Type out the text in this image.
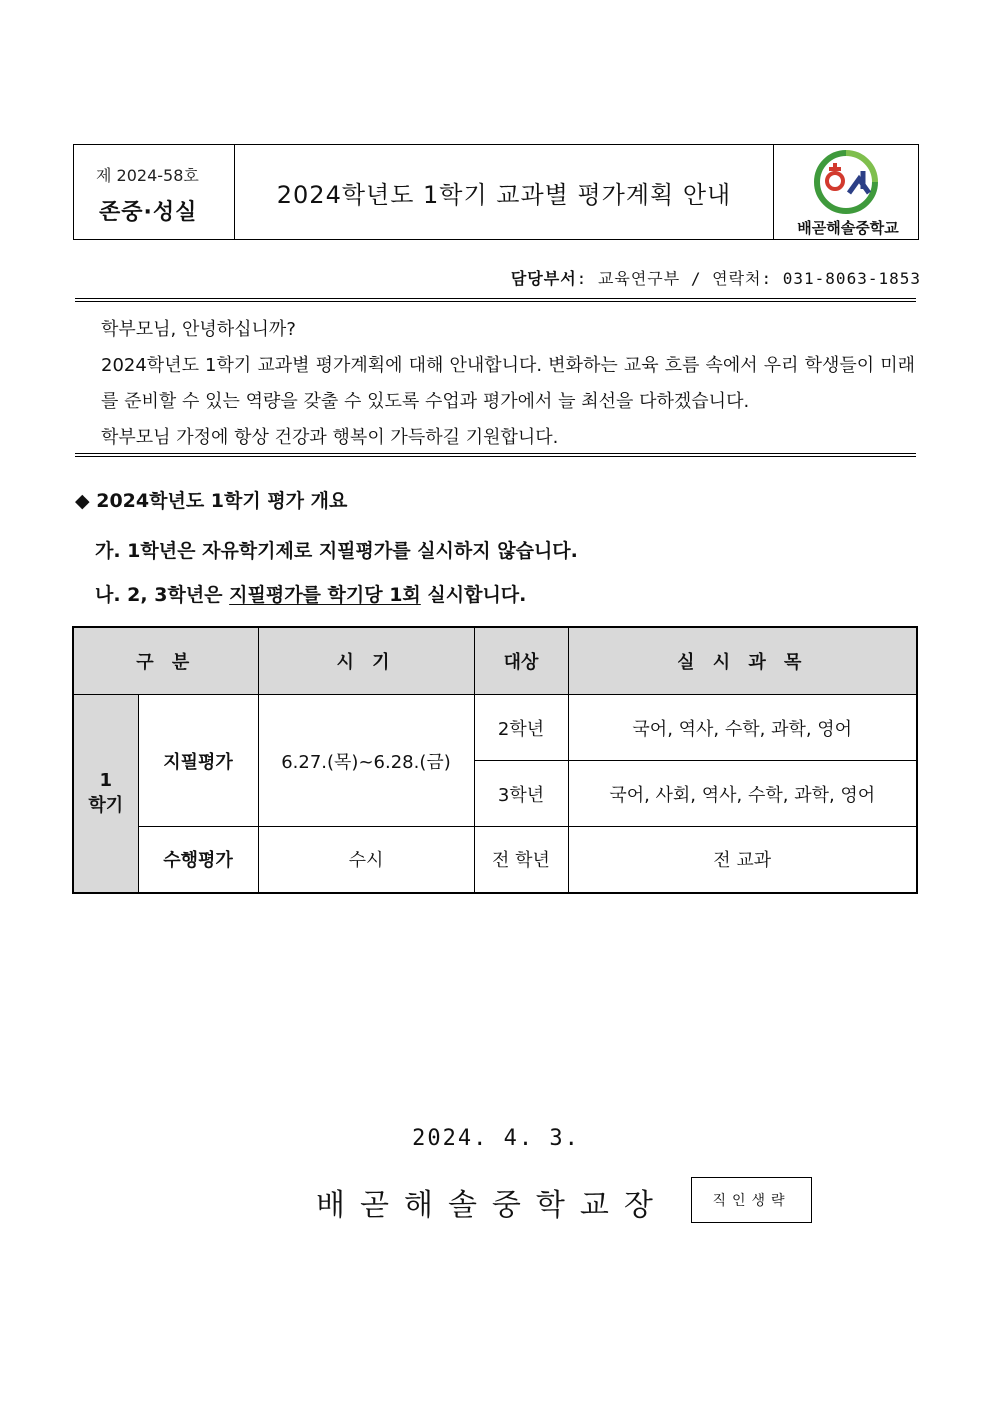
제 2024-58호
존중·성실
2024학년도 1학기 교과별 평가계획 안내
배곧해솔중학교
담당부서: 교육연구부 / 연락처: 031-8063-1853

학부모님, 안녕하십니까?

2024학년도 1학기 교과별 평가계획에 대해 안내합니다. 변화하는 교육 흐름 속에서 우리 학생들이 미래를 준비할 수 있는 역량을 갖출 수 있도록 수업과 평가에서 늘 최선을 다하겠습니다.

학부모님 가정에 항상 건강과 행복이 가득하길 기원합니다.

◆ 2024학년도 1학기 평가 개요
가. 1학년은 자유학기제로 지필평가를 실시하지 않습니다.
나. 2, 3학년은 지필평가를 학기당 1회 실시합니다.
구 분		시 기	대상	실 시 과 목

1
학기	지필평가	6.27.(목)~6.28.(금)	2학년	국어, 역사, 수학, 과학, 영어
			3학년	국어, 사회, 역사, 수학, 과학, 영어
	수행평가	수시	전 학년	전 교과
2024. 4. 3.
배곧해솔중학교장	직인생략
